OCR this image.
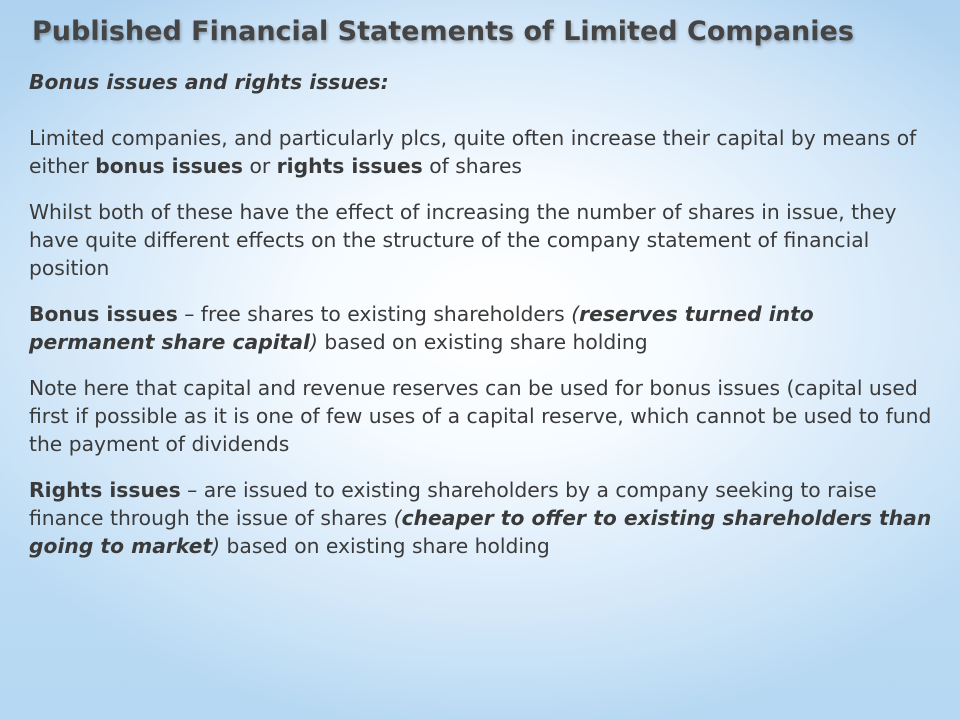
Published Financial Statements of Limited Companies

Bonus issues and rights issues:

Limited companies, and particularly plcs, quite often increase their capital by means of either bonus issues or rights issues of shares

Whilst both of these have the effect of increasing the number of shares in issue, they have quite different effects on the structure of the company statement of financial position

Bonus issues – free shares to existing shareholders (reserves turned into permanent share capital) based on existing share holding

Note here that capital and revenue reserves can be used for bonus issues (capital used first if possible as it is one of few uses of a capital reserve, which cannot be used to fund the payment of dividends

Rights issues – are issued to existing shareholders by a company seeking to raise finance through the issue of shares (cheaper to offer to existing shareholders than going to market) based on existing share holding
